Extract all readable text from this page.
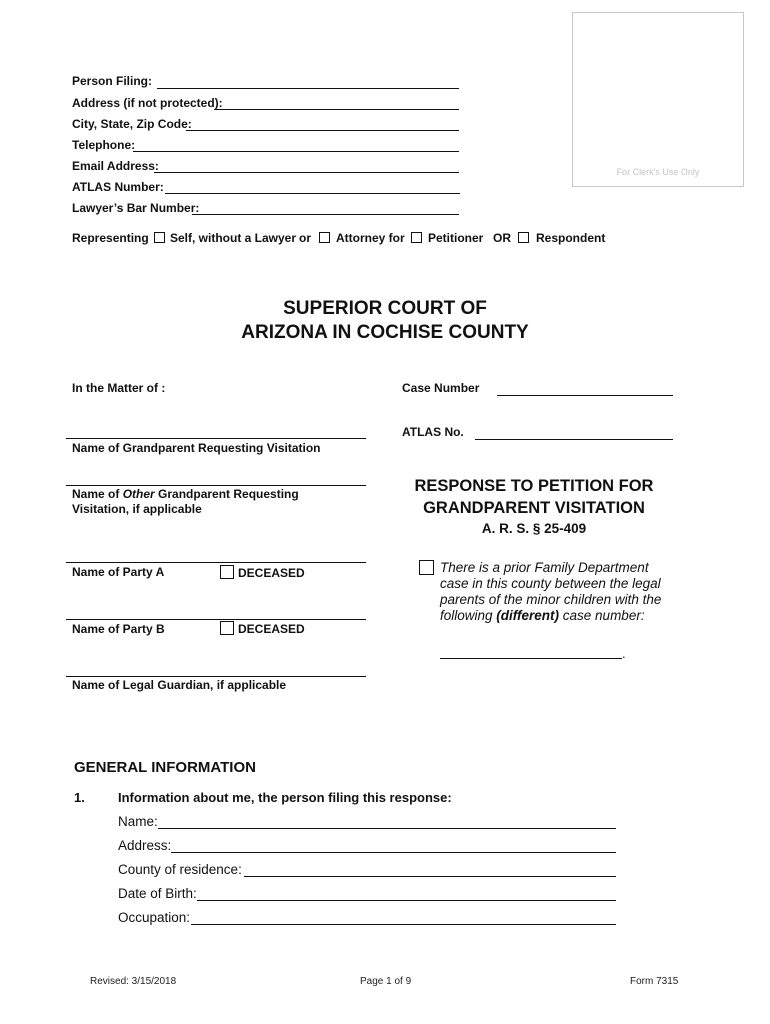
For Clerk’s Use Only
Person Filing:
Address (if not protected):
City, State, Zip Code:
Telephone:
Email Address:
ATLAS Number:
Lawyer’s Bar Number:
Representing Self, without a Lawyer or Attorney for Petitioner OR Respondent
SUPERIOR COURT OF
ARIZONA IN COCHISE COUNTY
In the Matter of :
Name of Grandparent Requesting Visitation
Name of Other Grandparent Requesting
Visitation, if applicable
Name of Party A	DECEASED
Name of Party B	DECEASED
Name of Legal Guardian, if applicable
Case Number
ATLAS No.
RESPONSE TO PETITION FOR
GRANDPARENT VISITATION
A. R. S. § 25-409
There is a prior Family Department case in this county between the legal parents of the minor children with the following (different) case number:
.
GENERAL INFORMATION
1.	Information about me, the person filing this response:
Name:
Address:
County of residence:
Date of Birth:
Occupation:
Revised: 3/15/2018	Page 1 of 9	Form 7315
